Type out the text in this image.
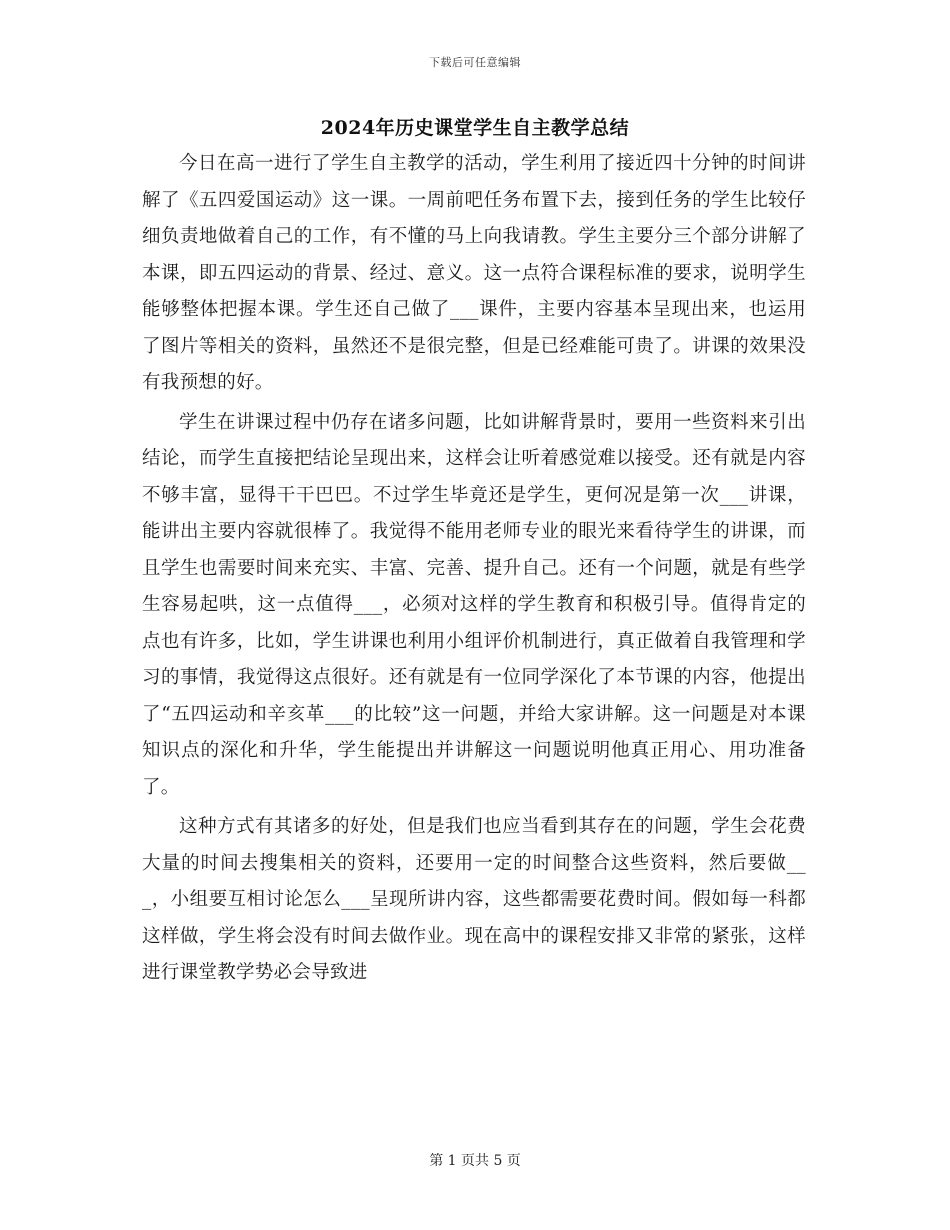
下载后可任意编辑
2024年历史课堂学生自主教学总结

今日在高一进行了学生自主教学的活动，学生利用了接近四十分钟的时间讲解了《五四爱国运动》这一课。一周前吧任务布置下去，接到任务的学生比较仔细负责地做着自己的工作，有不懂的马上向我请教。学生主要分三个部分讲解了本课，即五四运动的背景、经过、意义。这一点符合课程标准的要求，说明学生能够整体把握本课。学生还自己做了___课件，主要内容基本呈现出来，也运用了图片等相关的资料，虽然还不是很完整，但是已经难能可贵了。讲课的效果没有我预想的好。

学生在讲课过程中仍存在诸多问题，比如讲解背景时，要用一些资料来引出结论，而学生直接把结论呈现出来，这样会让听着感觉难以接受。还有就是内容不够丰富，显得干干巴巴。不过学生毕竟还是学生，更何况是第一次___讲课，能讲出主要内容就很棒了。我觉得不能用老师专业的眼光来看待学生的讲课，而且学生也需要时间来充实、丰富、完善、提升自己。还有一个问题，就是有些学生容易起哄，这一点值得___，必须对这样的学生教育和积极引导。值得肯定的点也有许多，比如，学生讲课也利用小组评价机制进行，真正做着自我管理和学习的事情，我觉得这点很好。还有就是有一位同学深化了本节课的内容，他提出了“五四运动和辛亥革___的比较”这一问题，并给大家讲解。这一问题是对本课知识点的深化和升华，学生能提出并讲解这一问题说明他真正用心、用功准备了。

这种方式有其诸多的好处，但是我们也应当看到其存在的问题，学生会花费大量的时间去搜集相关的资料，还要用一定的时间整合这些资料，然后要做___，小组要互相讨论怎么___呈现所讲内容，这些都需要花费时间。假如每一科都这样做，学生将会没有时间去做作业。现在高中的课程安排又非常的紧张，这样进行课堂教学势必会导致进

第 1 页共 5 页
